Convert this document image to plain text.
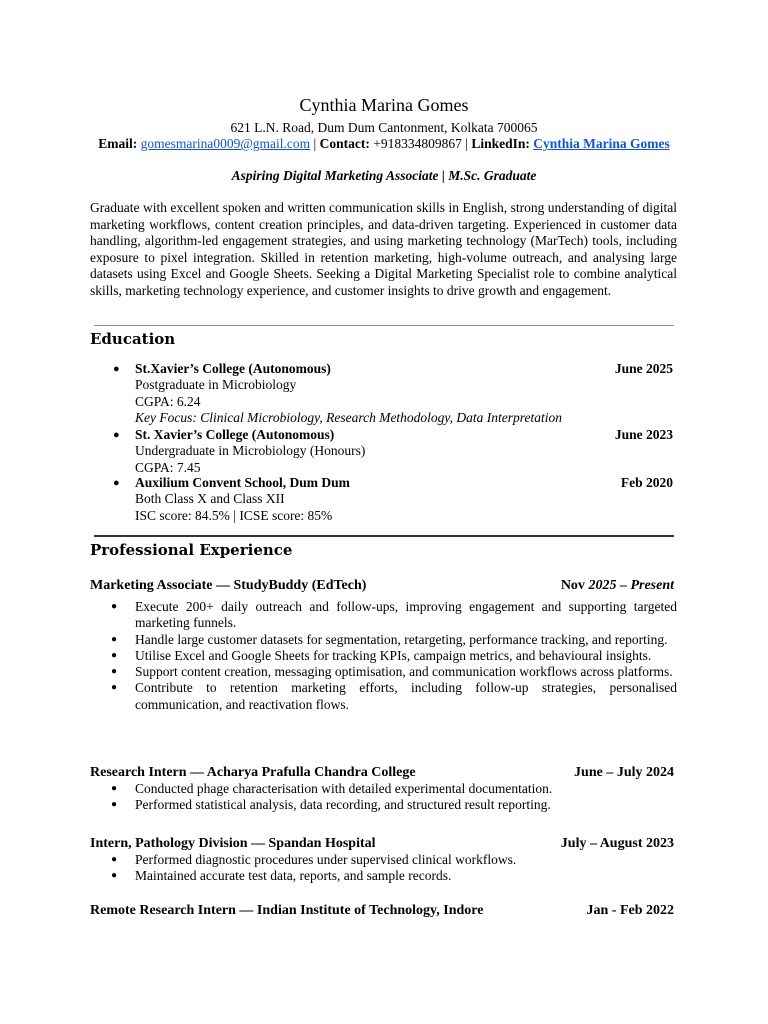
Cynthia Marina Gomes
621 L.N. Road, Dum Dum Cantonment, Kolkata 700065
Email: gomesmarina0009@gmail.com | Contact: +918334809867 | LinkedIn: Cynthia Marina Gomes
Aspiring Digital Marketing Associate | M.Sc. Graduate

Graduate with excellent spoken and written communication skills in English, strong understanding of digital marketing workflows, content creation principles, and data-driven targeting. Experienced in customer data handling, algorithm-led engagement strategies, and using marketing technology (MarTech) tools, including exposure to pixel integration. Skilled in retention marketing, high-volume outreach, and analysing large datasets using Excel and Google Sheets. Seeking a Digital Marketing Specialist role to combine analytical skills, marketing technology experience, and customer insights to drive growth and engagement.

Education
● St.Xavier’s College (Autonomous)	June 2025
Postgraduate in Microbiology
CGPA: 6.24
Key Focus: Clinical Microbiology, Research Methodology, Data Interpretation
● St. Xavier’s College (Autonomous)	June 2023
Undergraduate in Microbiology (Honours)
CGPA: 7.45
● Auxilium Convent School, Dum Dum	Feb 2020
Both Class X and Class XII
ISC score: 84.5% | ICSE score: 85%
Professional Experience
Marketing Associate — StudyBuddy (EdTech)	Nov 2025 – Present
● Execute 200+ daily outreach and follow-ups, improving engagement and supporting targeted marketing funnels.
● Handle large customer datasets for segmentation, retargeting, performance tracking, and reporting.
● Utilise Excel and Google Sheets for tracking KPIs, campaign metrics, and behavioural insights.
● Support content creation, messaging optimisation, and communication workflows across platforms.
● Contribute to retention marketing efforts, including follow-up strategies, personalised communication, and reactivation flows.
Research Intern — Acharya Prafulla Chandra College	June – July 2024
● Conducted phage characterisation with detailed experimental documentation.
● Performed statistical analysis, data recording, and structured result reporting.
Intern, Pathology Division — Spandan Hospital	July – August 2023
● Performed diagnostic procedures under supervised clinical workflows.
● Maintained accurate test data, reports, and sample records.
Remote Research Intern — Indian Institute of Technology, Indore	Jan - Feb 2022
